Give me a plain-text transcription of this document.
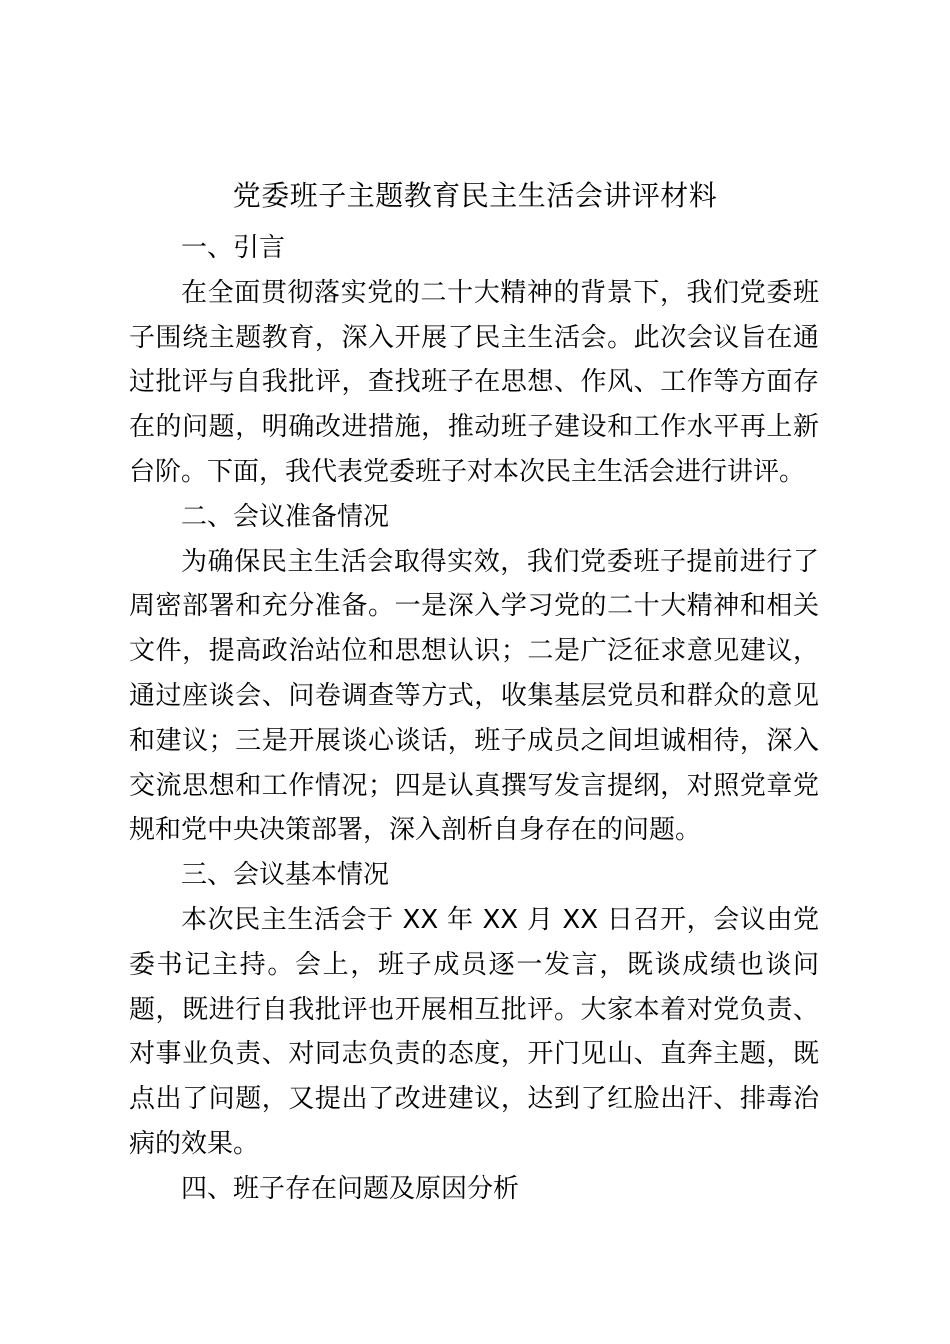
党委班子主题教育民主生活会讲评材料

一、引言

在全面贯彻落实党的二十大精神的背景下，我们党委班子围绕主题教育，深入开展了民主生活会。此次会议旨在通过批评与自我批评，查找班子在思想、作风、工作等方面存在的问题，明确改进措施，推动班子建设和工作水平再上新台阶。下面，我代表党委班子对本次民主生活会进行讲评。

二、会议准备情况

为确保民主生活会取得实效，我们党委班子提前进行了周密部署和充分准备。一是深入学习党的二十大精神和相关文件，提高政治站位和思想认识；二是广泛征求意见建议，通过座谈会、问卷调查等方式，收集基层党员和群众的意见和建议；三是开展谈心谈话，班子成员之间坦诚相待，深入交流思想和工作情况；四是认真撰写发言提纲，对照党章党规和党中央决策部署，深入剖析自身存在的问题。

三、会议基本情况

本次民主生活会于 XX 年 XX 月 XX 日召开，会议由党委书记主持。会上，班子成员逐一发言，既谈成绩也谈问题，既进行自我批评也开展相互批评。大家本着对党负责、对事业负责、对同志负责的态度，开门见山、直奔主题，既点出了问题，又提出了改进建议，达到了红脸出汗、排毒治病的效果。

四、班子存在问题及原因分析
